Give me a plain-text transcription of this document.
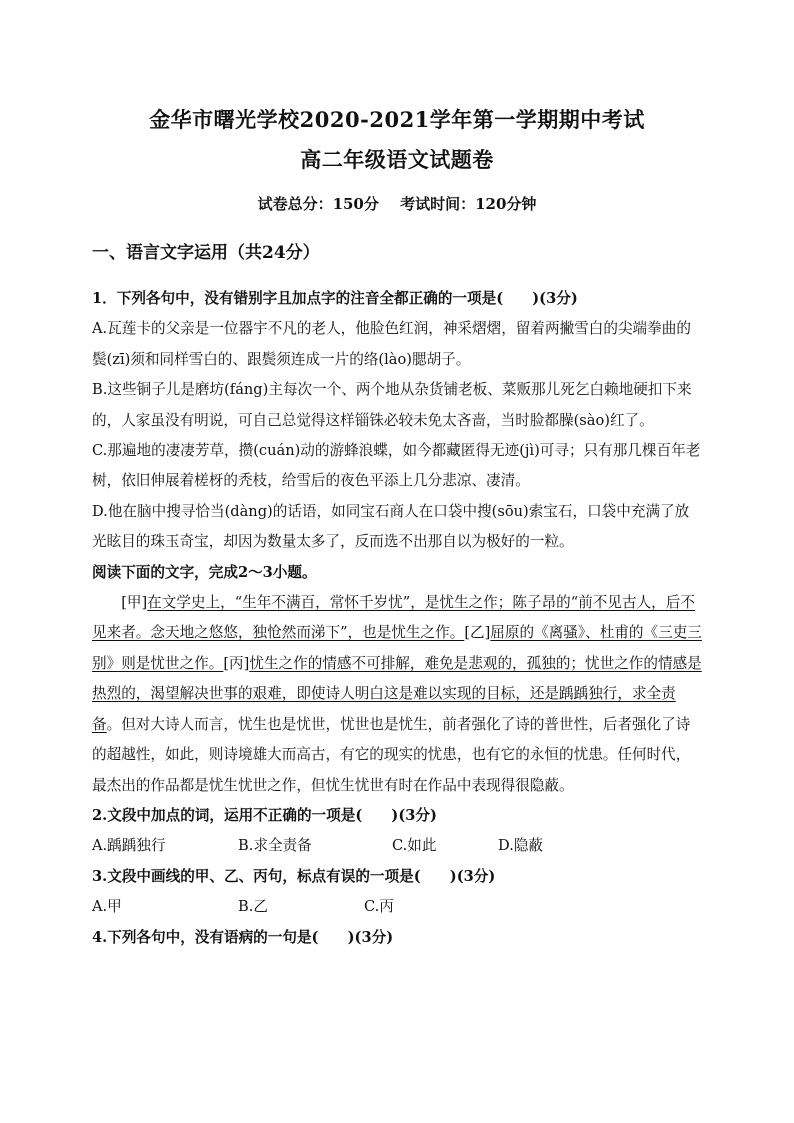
金华市曙光学校2020-2021学年第一学期期中考试
高二年级语文试题卷
试卷总分：150分 考试时间：120分钟
一、语言文字运用（共24分）

1．下列各句中，没有错别字且加点字的注音全都正确的一项是(　　)(3分)

A.瓦莲卡的父亲是一位器宇不凡的老人，他脸色红润，神采熠熠，留着两撇雪白的尖端拳曲的鬓(zī)须和同样雪白的、跟鬓须连成一片的络(lào)腮胡子。

B.这些铜子儿是磨坊(fáng)主每次一个、两个地从杂货铺老板、菜贩那儿死乞白赖地硬扣下来的，人家虽没有明说，可自己总觉得这样锱铢必较未免太吝啬，当时脸都臊(sào)红了。

C.那遍地的凄凄芳草，攒(cuán)动的游蜂浪蝶，如今都藏匿得无迹(jì)可寻；只有那几棵百年老树，依旧伸展着槎枒的秃枝，给雪后的夜色平添上几分悲凉、凄清。

D.他在脑中搜寻恰当(dàng)的话语，如同宝石商人在口袋中搜(sōu)索宝石，口袋中充满了放光眩目的珠玉奇宝，却因为数量太多了，反而选不出那自以为极好的一粒。

阅读下面的文字，完成2～3小题。

[甲]在文学史上，“生年不满百，常怀千岁忧”，是忧生之作；陈子昂的“前不见古人，后不见来者。念天地之悠悠，独怆然而涕下”，也是忧生之作。[乙]屈原的《离骚》、杜甫的《三吏三别》则是忧世之作。[丙]忧生之作的情感不可排解，难免是悲观的，孤独的；忧世之作的情感是热烈的，渴望解决世事的艰难，即使诗人明白这是难以实现的目标，还是踽踽独行，求全责备。但对大诗人而言，忧生也是忧世，忧世也是忧生，前者强化了诗的普世性，后者强化了诗的超越性，如此，则诗境雄大而高古，有它的现实的忧患，也有它的永恒的忧患。任何时代，最杰出的作品都是忧生忧世之作，但忧生忧世有时在作品中表现得很隐蔽。

2.文段中加点的词，运用不正确的一项是(　　)(3分)

A.踽踽独行	B.求全责备	C.如此	D.隐蔽

3.文段中画线的甲、乙、丙句，标点有误的一项是(　　)(3分)

A.甲	B.乙	C.丙

4.下列各句中，没有语病的一句是(　　)(3分)
